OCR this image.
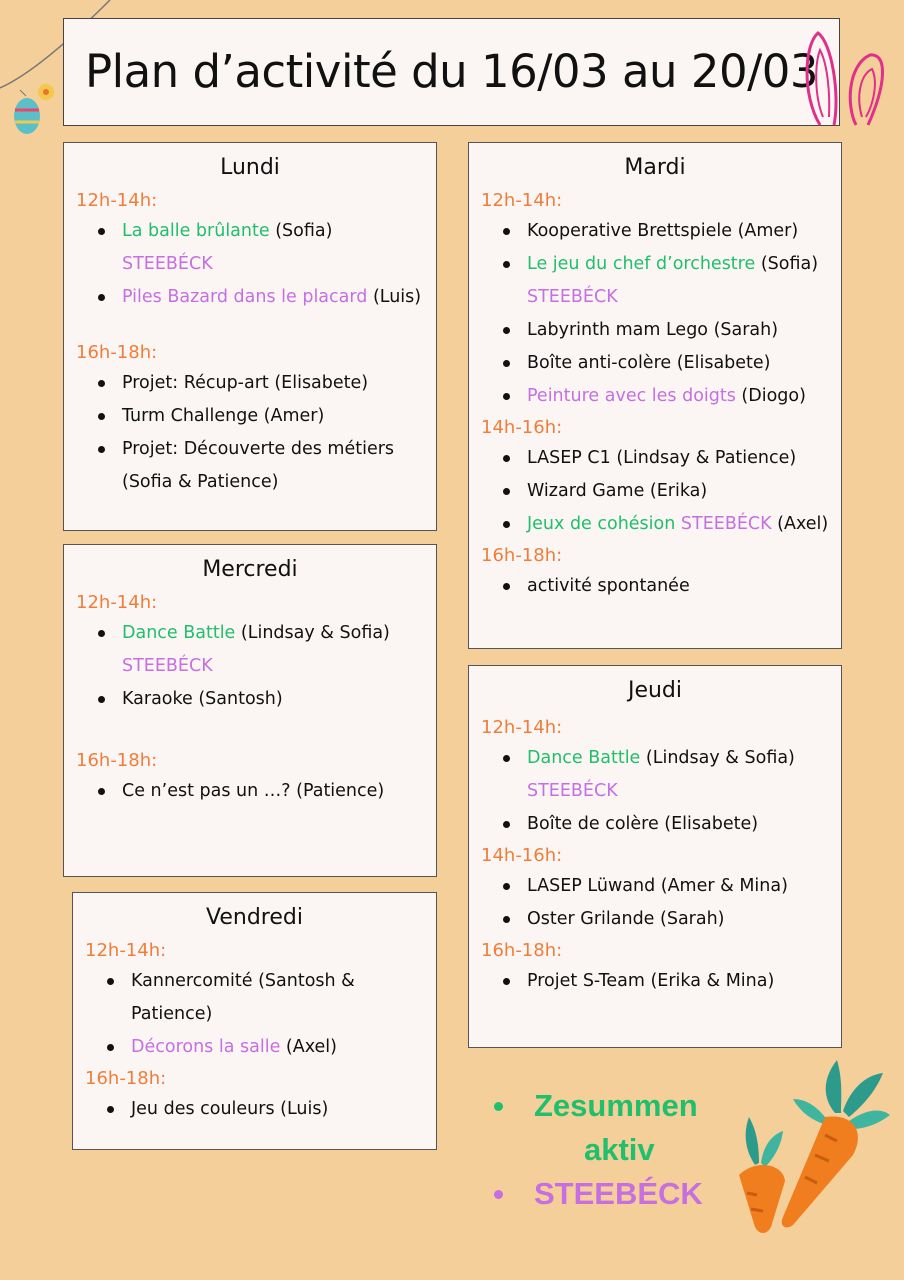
Plan d’activité du 16/03 au 20/03
Lundi
12h-14h:
La balle brûlante (Sofia) STEEBÉCK
Piles Bazard dans le placard (Luis)
16h-18h:
Projet: Récup-art (Elisabete)
Turm Challenge (Amer)
Projet: Découverte des métiers
(Sofia & Patience)
Mardi
12h-14h:
Kooperative Brettspiele (Amer)
Le jeu du chef d’orchestre (Sofia)
STEEBÉCK
Labyrinth mam Lego (Sarah)
Boîte anti-colère (Elisabete)
Peinture avec les doigts (Diogo)
14h-16h:
LASEP C1 (Lindsay & Patience)
Wizard Game (Erika)
Jeux de cohésion STEEBÉCK (Axel)
16h-18h:
activité spontanée
Mercredi
12h-14h:
Dance Battle (Lindsay & Sofia)
STEEBÉCK
Karaoke (Santosh)
16h-18h:
Ce n’est pas un …? (Patience)
Jeudi
12h-14h:
Dance Battle (Lindsay & Sofia)
STEEBÉCK
Boîte de colère (Elisabete)
14h-16h:
LASEP Lüwand (Amer & Mina)
Oster Grilande (Sarah)
16h-18h:
Projet S-Team (Erika & Mina)
Vendredi
12h-14h:
Kannercomité (Santosh & Patience)
Décorons la salle (Axel)
16h-18h:
Jeu des couleurs (Luis)	Zesummen
aktiv
STEEBÉCK
